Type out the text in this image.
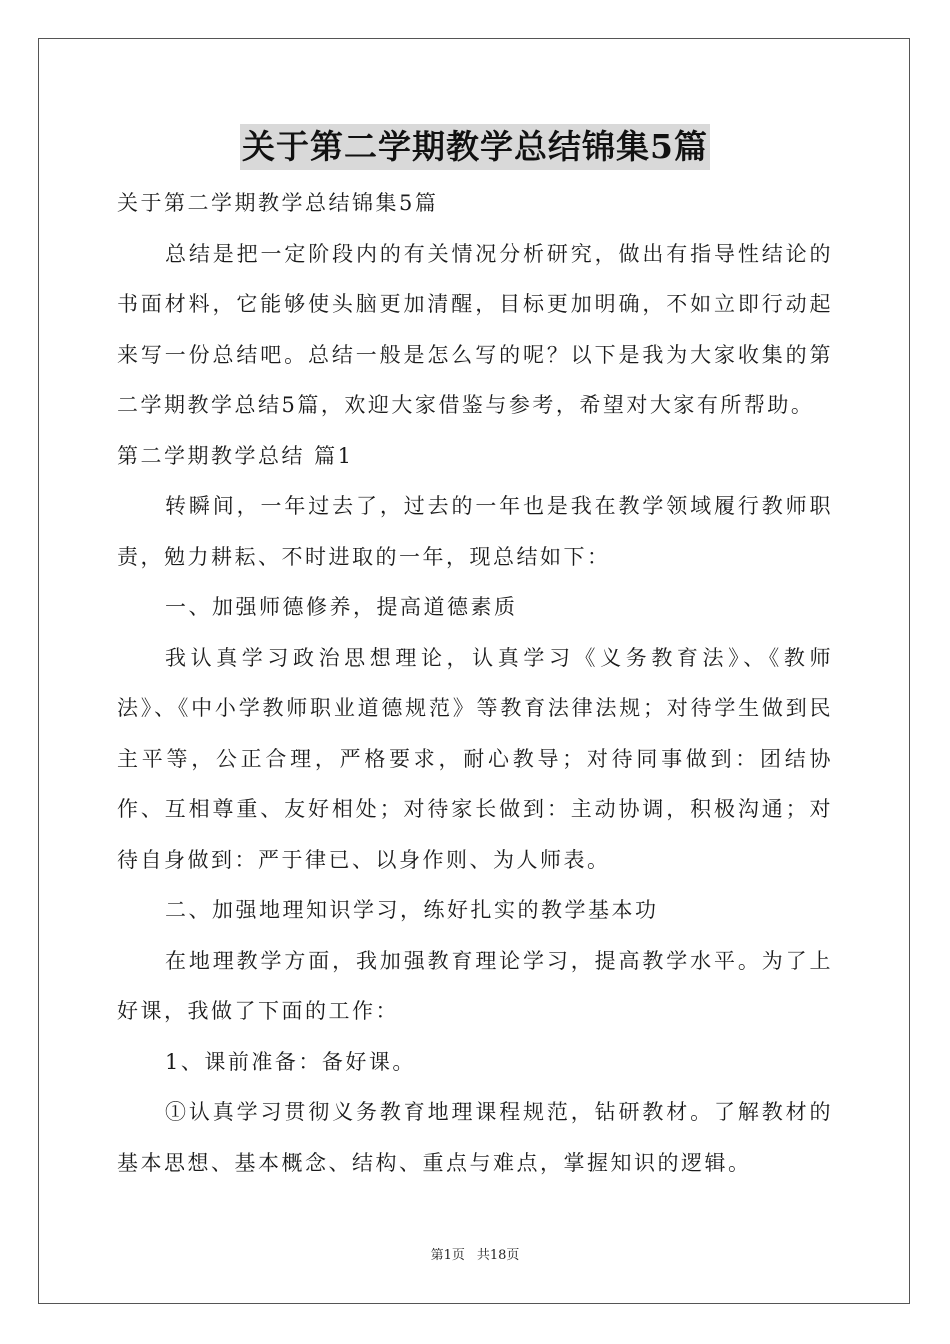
关于第二学期教学总结锦集5篇

关于第二学期教学总结锦集5篇

总结是把一定阶段内的有关情况分析研究，做出有指导性结论的书面材料，它能够使头脑更加清醒，目标更加明确，不如立即行动起来写一份总结吧。总结一般是怎么写的呢？以下是我为大家收集的第二学期教学总结5篇，欢迎大家借鉴与参考，希望对大家有所帮助。

第二学期教学总结 篇1

转瞬间，一年过去了，过去的一年也是我在教学领域履行教师职责，勉力耕耘、不时进取的一年，现总结如下：

一、加强师德修养，提高道德素质

我认真学习政治思想理论，认真学习《义务教育法》、《教师法》、《中小学教师职业道德规范》等教育法律法规；对待学生做到民主平等，公正合理，严格要求，耐心教导；对待同事做到：团结协作、互相尊重、友好相处；对待家长做到：主动协调，积极沟通；对待自身做到：严于律已、以身作则、为人师表。

二、加强地理知识学习，练好扎实的教学基本功

在地理教学方面，我加强教育理论学习，提高教学水平。为了上好课，我做了下面的工作：

1、课前准备：备好课。

①认真学习贯彻义务教育地理课程规范，钻研教材。了解教材的基本思想、基本概念、结构、重点与难点，掌握知识的逻辑。

第1页 共18页
